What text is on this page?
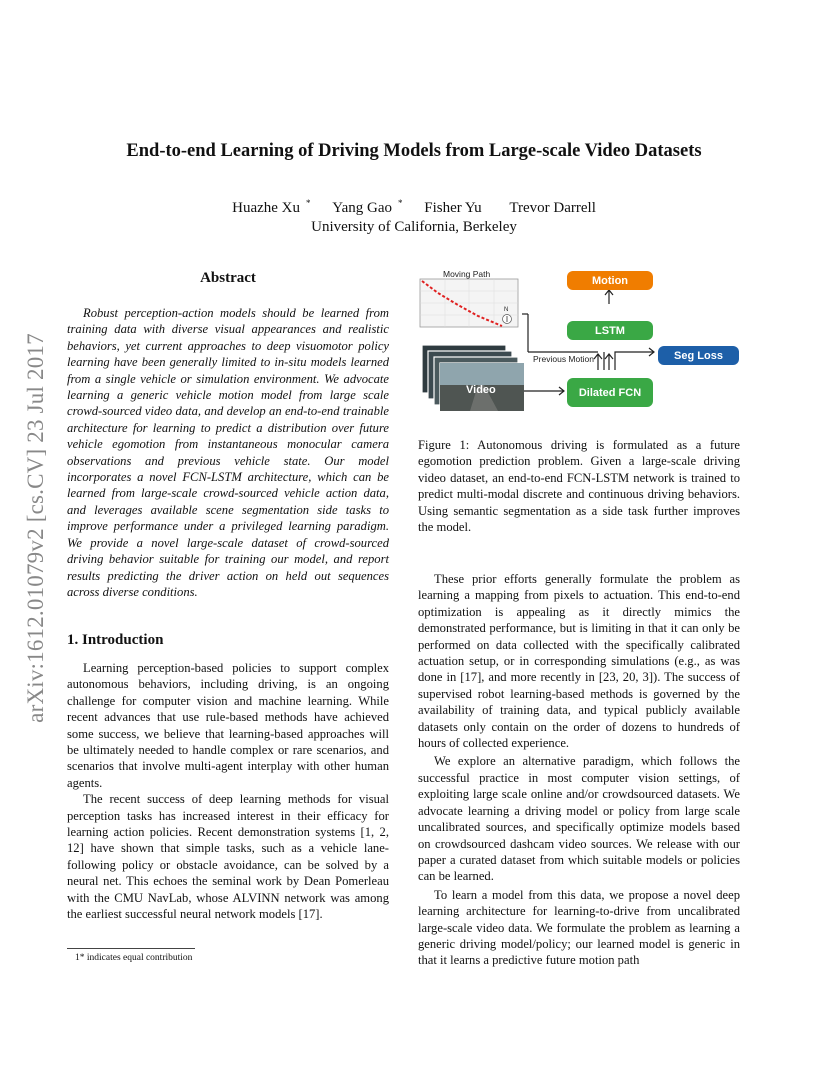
End-to-end Learning of Driving Models from Large-scale Video Datasets
Huazhe Xu * Yang Gao * Fisher Yu Trevor Darrell
University of California, Berkeley
arXiv:1612.01079v2 [cs.CV] 23 Jul 2017
Abstract

Robust perception-action models should be learned from training data with diverse visual appearances and realistic behaviors, yet current approaches to deep visuomotor policy learning have been generally limited to in-situ models learned from a single vehicle or simulation environment. We advocate learning a generic vehicle motion model from large scale crowd-sourced video data, and develop an end-to-end trainable architecture for learning to predict a distribution over future vehicle egomotion from instantaneous monocular camera observations and previous vehicle state. Our model incorporates a novel FCN-LSTM architecture, which can be learned from large-scale crowd-sourced vehicle action data, and leverages available scene segmentation side tasks to improve performance under a privileged learning paradigm. We provide a novel large-scale dataset of crowd-sourced driving behavior suitable for training our model, and report results predicting the driver action on held out sequences across diverse conditions.

1. Introduction

Learning perception-based policies to support complex autonomous behaviors, including driving, is an ongoing challenge for computer vision and machine learning. While recent advances that use rule-based methods have achieved some success, we believe that learning-based approaches will be ultimately needed to handle complex or rare scenarios, and scenarios that involve multi-agent interplay with other human agents.

The recent success of deep learning methods for visual perception tasks has increased interest in their efficacy for learning action policies. Recent demonstration systems [1, 2, 12] have shown that simple tasks, such as a vehicle lane-following policy or obstacle avoidance, can be solved by a neural net. This echoes the seminal work by Dean Pomerleau with the CMU NavLab, whose ALVINN network was among the earliest successful neural network models [17].

1* indicates equal contribution
Moving Path
N
Video
Previous Motion
Motion
LSTM
Dilated FCN
Seg Loss

Figure 1: Autonomous driving is formulated as a future egomotion prediction problem. Given a large-scale driving video dataset, an end-to-end FCN-LSTM network is trained to predict multi-modal discrete and continuous driving behaviors. Using semantic segmentation as a side task further improves the model.

These prior efforts generally formulate the problem as learning a mapping from pixels to actuation. This end-to-end optimization is appealing as it directly mimics the demonstrated performance, but is limiting in that it can only be performed on data collected with the specifically calibrated actuation setup, or in corresponding simulations (e.g., as was done in [17], and more recently in [23, 20, 3]). The success of supervised robot learning-based methods is governed by the availability of training data, and typical publicly available datasets only contain on the order of dozens to hundreds of hours of collected experience.

We explore an alternative paradigm, which follows the successful practice in most computer vision settings, of exploiting large scale online and/or crowdsourced datasets. We advocate learning a driving model or policy from large scale uncalibrated sources, and specifically optimize models based on crowdsourced dashcam video sources. We release with our paper a curated dataset from which suitable models or policies can be learned.

To learn a model from this data, we propose a novel deep learning architecture for learning-to-drive from uncalibrated large-scale video data. We formulate the problem as learning a generic driving model/policy; our learned model is generic in that it learns a predictive future motion path
